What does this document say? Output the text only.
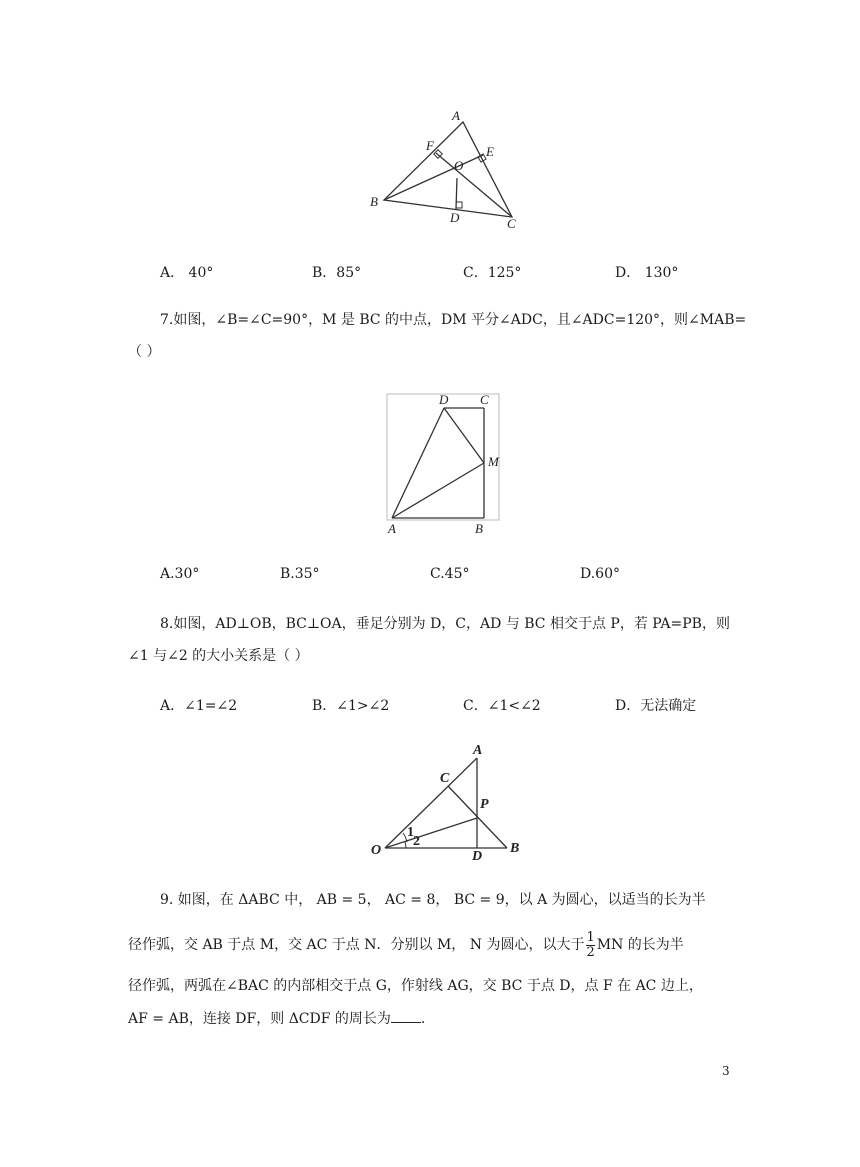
A
F
O
E
B
D	C
A． 40°	B．85°	C．125°	D． 130°
7.如图，∠B=∠C=90°，M 是 BC 的中点，DM 平分∠ADC，且∠ADC=120°，则∠MAB=
（ ）
D C
M
A	B
A.30°	B.35°	C.45°	D.60°
8.如图，AD⊥OB，BC⊥OA，垂足分别为 D，C，AD 与 BC 相交于点 P，若 PA=PB，则
∠1 与∠2 的大小关系是（ ）
A．∠1=∠2	B．∠1>∠2	C．∠1<∠2	D．无法确定
A
C
P
1
2
O	D
B
9. 如图，在 ΔABC 中， AB = 5， AC = 8， BC = 9，以 A 为圆心，以适当的长为半
径作弧，交 AB 于点 M，交 AC 于点 N．分别以 M， N 为圆心，以大于 $\frac{1}{2}$ MN 的长为半
径作弧，两弧在∠BAC 的内部相交于点 G，作射线 AG，交 BC 于点 D，点 F 在 AC 边上，
AF = AB，连接 DF，则 ΔCDF 的周长为 .
3
